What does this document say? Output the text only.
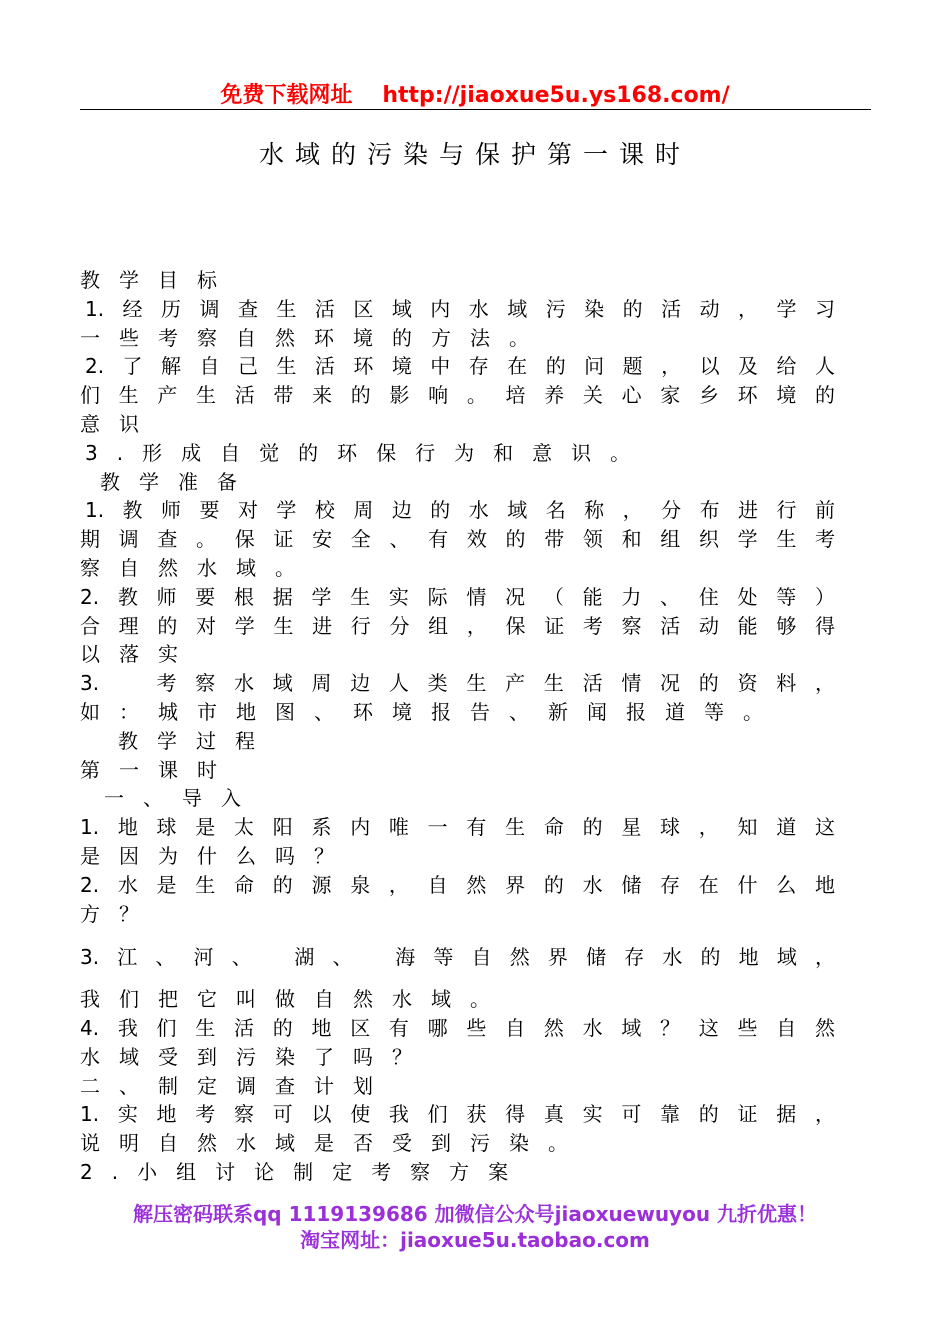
免费下载网址 http://jiaoxue5u.ys168.com/
水域的污染与保护第一课时
教学目标
1.经历调查生活区域内水域污染的活动，学习
一些考察自然环境的方法。
2.了解自己生活环境中存在的问题，以及给人
们生产生活带来的影响。培养关心家乡环境的
意识
3.形成自觉的环保行为和意识。
教学准备
1.教师要对学校周边的水域名称，分布进行前
期调查。保证安全、有效的带领和组织学生考
察自然水域。
2.教师要根据学生实际情况（能力、住处等）
合理的对学生进行分组，保证考察活动能够得
以落实
3.　考察水域周边人类生产生活情况的资料，
如：城市地图、环境报告、新闻报道等。
教学过程
第一课时
一、导入
1.地球是太阳系内唯一有生命的星球，知道这
是因为什么吗？
2.水是生命的源泉，自然界的水储存在什么地
方？
3.江、河、 湖、 海等自然界储存水的地域，
我们把它叫做自然水域。
4.我们生活的地区有哪些自然水域？这些自然
水域受到污染了吗？
二、制定调查计划
1.实地考察可以使我们获得真实可靠的证据，
说明自然水域是否受到污染。
2.小组讨论制定考察方案
解压密码联系qq 1119139686 加微信公众号jiaoxuewuyou 九折优惠！
淘宝网址：jiaoxue5u.taobao.com
